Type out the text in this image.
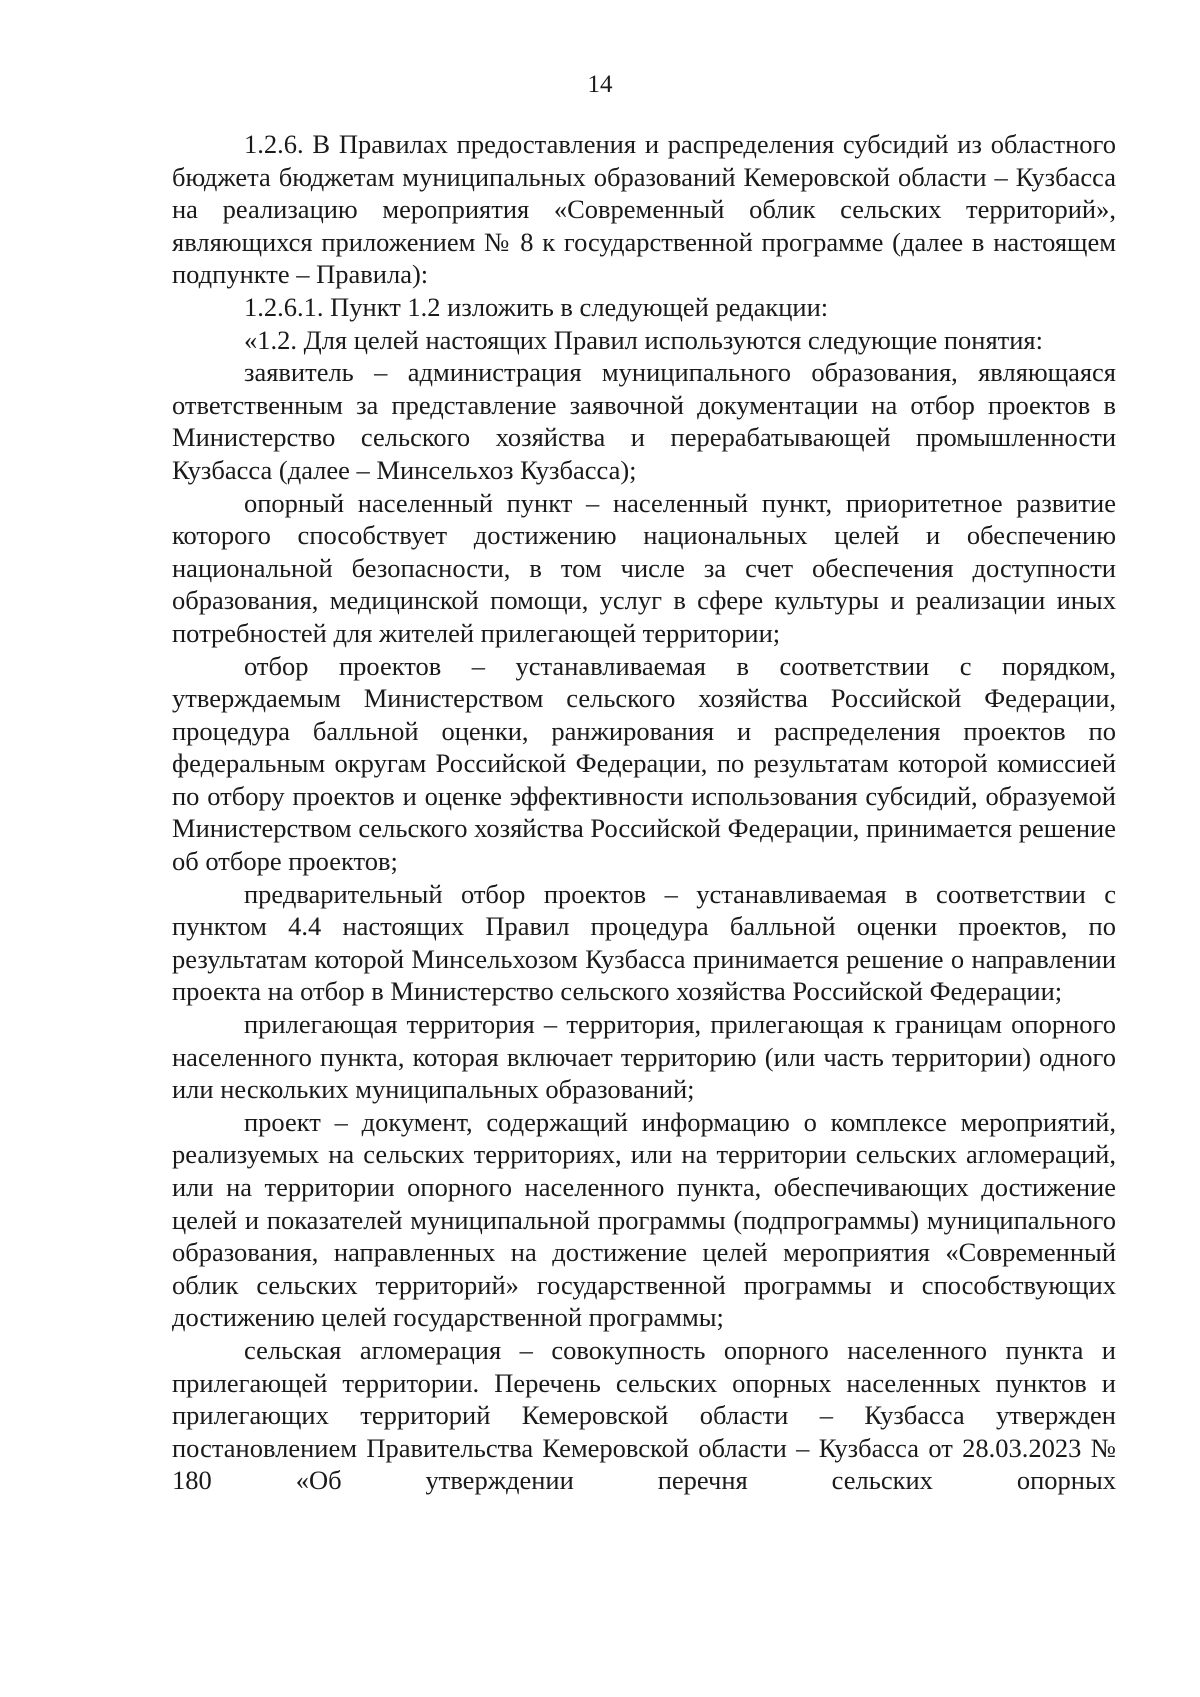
14

1.2.6. В Правилах предоставления и распределения субсидий из областного бюджета бюджетам муниципальных образований Кемеровской области – Кузбасса на реализацию мероприятия «Современный облик сельских территорий», являющихся приложением № 8 к государственной программе (далее в настоящем подпункте – Правила):

1.2.6.1. Пункт 1.2 изложить в следующей редакции:

«1.2. Для целей настоящих Правил используются следующие понятия:

заявитель – администрация муниципального образования, являющаяся ответственным за представление заявочной документации на отбор проектов в Министерство сельского хозяйства и перерабатывающей промышленности Кузбасса (далее – Минсельхоз Кузбасса);

опорный населенный пункт – населенный пункт, приоритетное развитие которого способствует достижению национальных целей и обеспечению национальной безопасности, в том числе за счет обеспечения доступности образования, медицинской помощи, услуг в сфере культуры и реализации иных потребностей для жителей прилегающей территории;

отбор проектов – устанавливаемая в соответствии с порядком, утверждаемым Министерством сельского хозяйства Российской Федерации, процедура балльной оценки, ранжирования и распределения проектов по федеральным округам Российской Федерации, по результатам которой комиссией по отбору проектов и оценке эффективности использования субсидий, образуемой Министерством сельского хозяйства Российской Федерации, принимается решение об отборе проектов;

предварительный отбор проектов – устанавливаемая в соответствии с пунктом 4.4 настоящих Правил процедура балльной оценки проектов, по результатам которой Минсельхозом Кузбасса принимается решение о направлении проекта на отбор в Министерство сельского хозяйства Российской Федерации;

прилегающая территория – территория, прилегающая к границам опорного населенного пункта, которая включает территорию (или часть территории) одного или нескольких муниципальных образований;

проект – документ, содержащий информацию о комплексе мероприятий, реализуемых на сельских территориях, или на территории сельских агломераций, или на территории опорного населенного пункта, обеспечивающих достижение целей и показателей муниципальной программы (подпрограммы) муниципального образования, направленных на достижение целей мероприятия «Современный облик сельских территорий» государственной программы и способствующих достижению целей государственной программы;

сельская агломерация – совокупность опорного населенного пункта и прилегающей территории. Перечень сельских опорных населенных пунктов и прилегающих территорий Кемеровской области – Кузбасса утвержден постановлением Правительства Кемеровской области – Кузбасса от 28.03.2023 № 180 «Об утверждении перечня сельских опорных
